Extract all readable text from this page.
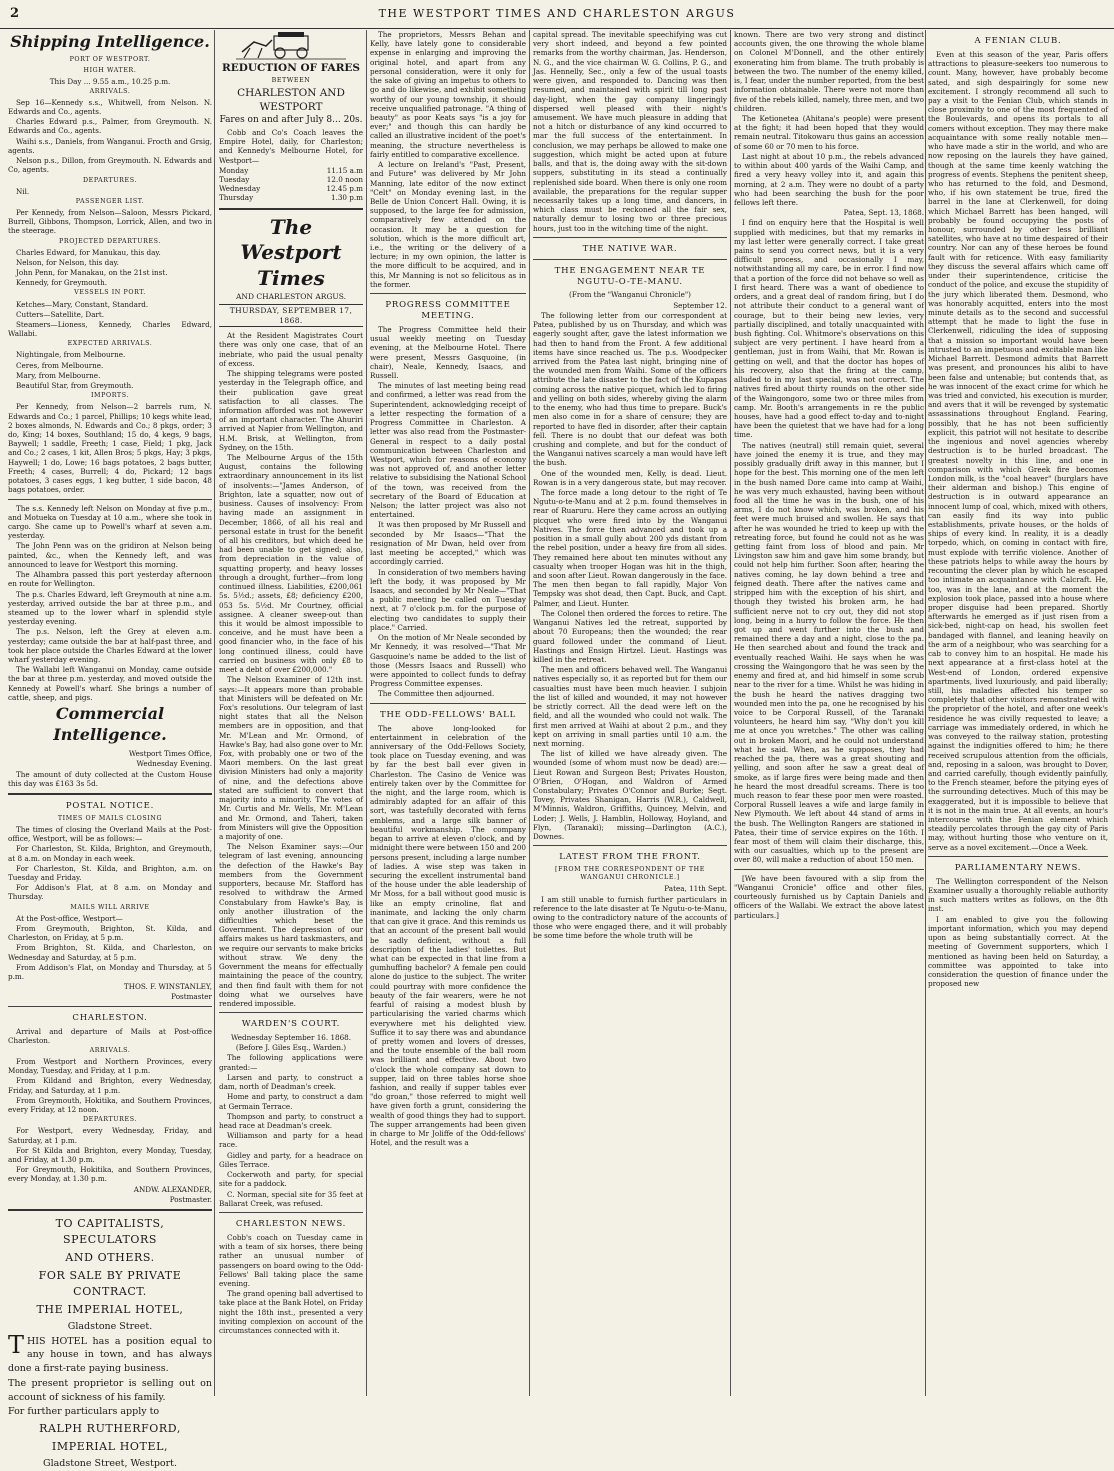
2	THE WESTPORT TIMES AND CHARLESTON ARGUS
Shipping Intelligence.
PORT OF WESTPORT.
HIGH WATER.

This Day ... 9.55 a.m., 10.25 p.m.

ARRIVALS.

Sep 16—Kennedy s.s., Whitwell, from Nelson. N. Edwards and Co., agents.

Charles Edward p.s., Palmer, from Greymouth. N. Edwards and Co., agents.

Waihi s.s., Daniels, from Wanganui. Frocth and Grsig, agents.

Nelson p.s., Dillon, from Greymouth. N. Edwards and Co, agents.

DEPARTURES.

Nil.

PASSENGER LIST.

Per Kennedy, from Nelson—Saloon, Messrs Pickard, Burrell, Gibbons, Thompson, Lorrick, Allen, and two in the steerage.

PROJECTED DEPARTURES.

Charles Edward, for Manukau, this day.

Nelson, for Nelson, this day.

John Penn, for Manakau, on the 21st inst.

Kennedy, for Greymouth.

VESSELS IN PORT.

Ketches—Mary, Constant, Standard.

Cutters—Satellite, Dart.

Steamers—Lioness, Kennedy, Charles Edward, Wallabi.

EXPECTED ARRIVALS.

Nightingale, from Melbourne.

Ceres, from Melbourne.

Mary, from Melbourne.

Beautiful Star, from Greymouth.

IMPORTS.

Per Kennedy, from Nelson—2 barrels rum, N. Edwards and Co.; 1 parcel, Phillips; 10 kegs white lead, 2 boxes almonds, N. Edwards and Co.; 8 pkgs, order; 3 do, King; 14 boxes, Southland; 15 do, 4 kegs, 9 bags, Baywell; 1 saddle, Freeth; 1 case, Field; 1 pkg, Jack and Co.; 2 cases, 1 kit, Allen Bros; 5 pkgs, Hay; 3 pkgs, Haywell; 1 do, Lowe; 16 bags potatoes, 2 bags butter, Freeth; 4 cases, Burrell; 4 do, Pickard; 12 bags potatoes, 3 cases eggs, 1 keg butter, 1 side bacon, 48 bags potatoes, order.

The s.s. Kennedy left Nelson on Monday at five p.m., and Motueka on Tuesday at 10 a.m., where she took in cargo. She came up to Powell's wharf at seven a.m. yesterday.

The John Penn was on the gridiron at Nelson being painted, &c., when the Kennedy left, and was announced to leave for Westport this morning.

The Alhambra passed this port yesterday afternoon en route for Wellington.

The p.s. Charles Edward, left Greymouth at nine a.m. yesterday, arrived outside the bar at three p.m., and steamed up to the lower wharf in splendid style yesterday evening.

The p.s. Nelson, left the Grey at eleven a.m. yesterday; came outside the bar at half-past three, and took her place outside the Charles Edward at the lower wharf yesterday evening.

The Wallabi left Wanganui on Monday, came outside the bar at three p.m. yesterday, and moved outside the Kennedy at Powell's wharf. She brings a number of cattle, sheep, and pigs.

Commercial Intelligence.

Westport Times Office,

Wednesday Evening.

The amount of duty collected at the Custom House this day was £163 3s 5d.

POSTAL NOTICE.
TIMES OF MAILS CLOSING

The times of closing the Overland Mails at the Post-office, Westport, will be as follows:—

For Charleston, St. Kilda, Brighton, and Greymouth, at 8 a.m. on Monday in each week.

For Charleston, St. Kilda, and Brighton, a.m. on Tuesday and Friday.

For Addison's Flat, at 8 a.m. on Monday and Thursday.

MAILS WILL ARRIVE

At the Post-office, Westport—

From Greymouth, Brighton, St. Kilda, and Charleston, on Friday, at 5 p.m.

From Brighton, St. Kilda, and Charleston, on Wednesday and Saturday, at 5 p.m.

From Addison's Flat, on Monday and Thursday, at 5 p.m.

THOS. F. WINSTANLEY,

Postmaster

CHARLESTON.

Arrival and departure of Mails at Post-office Charleston.

ARRIVALS.

From Westport and Northern Provinces, every Monday, Tuesday, and Friday, at 1 p.m.

From Kildand and Brighton, every Wednesday, Friday, and Saturday, at 1 p.m.

From Greymouth, Hokitika, and Southern Provinces, every Friday, at 12 noon.

DEPARTURES.

For Westport, every Wednesday, Friday, and Saturday, at 1 p.m.

For St Kilda and Brighton, every Monday, Tuesday, and Friday, at 1.30 p.m.

For Greymouth, Hokitika, and Southern Provinces, every Monday, at 1.30 p.m.

ANDW. ALEXANDER,

Postmaster.

TO CAPITALISTS, SPECULATORS
AND OTHERS.
FOR SALE BY PRIVATE CONTRACT.
THE IMPERIAL HOTEL,

Gladstone Street.

THIS HOTEL has a position equal to any house in town, and has always done a first-rate paying business.

The present proprietor is selling out on account of sickness of his family.

For further particulars apply to

RALPH RUTHERFORD,
IMPERIAL HOTEL,

Gladstone Street, Westport.

REDUCTION OF FARES
BETWEEN
CHARLESTON AND WESTPORT

Fares on and after July 8... 20s.

Cobb and Co's Coach leaves the Empire Hotel, daily, for Charleston; and Kennedy's Melbourne Hotel, for Westport—

Monday	11.15 a.m
Tuesday	12.0 noon
Wednesday	12.45 p.m
Thursday	1.30 p.m
The Westport Times
AND CHARLESTON ARGUS.
THURSDAY, SEPTEMBER 17, 1868.

At the Resident Magistrates Court there was only one case, that of an inebriate, who paid the usual penalty of excess.

The shipping telegrams were posted yesterday in the Telegraph office, and their publication gave great satisfaction to all classes. The information afforded was not however of an important character. The Ahuriri arrived at Napier from Wellington, and H.M. Brisk, at Wellington, from Sydney, on the 15th.

The Melbourne Argus of the 15th August, contains the following extraordinary announcement in its list of insolvents:—"James Anderson, of Brighton, late a squatter, now out of business. Causes of insolvency: From having made an assignment in December, 1866, of all his real and personal estate in trust for the benefit of all his creditors, but which deed he had been unable to get signed; also, from depreciation in the value of squatting property, and heavy losses through a drought, further—from long continued illness. Liabilities, £200,061 5s. 5½d.; assets, £8; deficiency £200, 053 5s. 5½d. Mr Courtney, official assignee. A cleaner sweep-out than this it would be almost impossible to conceive, and he must have been a good financier who, in the face of his long continued illness, could have carried on business with only £8 to meet a debt of over £200,000."

The Nelson Examiner of 12th inst. says:—It appears more than probable that Ministers will be defeated on Mr. Fox's resolutions. Our telegram of last night states that all the Nelson members are in opposition, and that Mr. M'Lean and Mr. Ormond, of Hawke's Bay, had also gone over to Mr. Fox, with probably one or two of the Maori members. On the last great division Ministers had only a majority of nine, and the defections above stated are sufficient to convert that majority into a minority. The votes of Mr. Curtis and Mr. Wells, Mr. M'Lean and Mr. Ormond, and Taheri, taken from Ministers will give the Opposition a majority of one.

The Nelson Examiner says:—Our telegram of last evening, announcing the defection of the Hawke's Bay members from the Government supporters, because Mr. Stafford has resolved to withdraw the Armed Constabulary from Hawke's Bay, is only another illustration of the difficulties which beset the Government. The depression of our affairs makes us hard taskmasters, and we require our servants to make bricks without straw. We deny the Government the means for effectually maintaining the peace of the country, and then find fault with them for not doing what we ourselves have rendered impossible.

WARDEN'S COURT.

Wednesday September 16. 1868.

(Before J. Giles Esq., Warden.)

The following applications were granted:—

Larsen and party, to construct a dam, north of Deadman's creek.

Home and party, to construct a dam at Germain Terrace.

Thompson and party, to construct a head race at Deadman's creek.

Williamson and party for a head race.

Gidley and party, for a headrace on Giles Terrace.

Cockerwoth and party, for special site for a paddock.

C. Norman, special site for 35 feet at Ballarat Creek, was refused.

CHARLESTON NEWS.

Cobb's coach on Tuesday came in with a team of six horses, there being rather an unusual number of passengers on board owing to the Odd-Fellows' Ball taking place the same evening.

The grand opening ball advertised to take place at the Bank Hotel, on Friday night the 18th inst., presented a very inviting complexion on account of the circumstances connected with it.

The proprietors, Messrs Behan and Kelly, have lately gone to considerable expense in enlarging and improving the original hotel, and apart from any personal consideration, were it only for the sake of giving an impetus to others to go and do likewise, and exhibit something worthy of our young township, it should receive unqualified patronage. "A thing of beauty" as poor Keats says "is a joy for ever;" and though this can hardly be called an illustrative incident of the poet's meaning, the structure nevertheless is fairly entitled to comparative excellence.

A lecture on Ireland's "Past, Present, and Future" was delivered by Mr John Manning, late editor of the now extinct "Celt" on Monday evening last, in the Belle de Union Concert Hall. Owing, it is supposed, to the large fee for admission, comparatively few attended on the occasion. It may be a question for solution, which is the more difficult art, i.e., the writing or the delivery of a lecture; in my own opinion, the latter is the more difficult to be acquired, and in this, Mr Manning is not so felicitous as in the former.

PROGRESS COMMITTEE MEETING.

The Progress Committee held their usual weekly meeting on Tuesday evening, at the Melbourne Hotel. There were present, Messrs Gasquoine, (in chair), Neale, Kennedy, Isaacs, and Russell.

The minutes of last meeting being read and confirmed, a letter was read from the Superintendent, acknowledging receipt of a letter respecting the formation of a Progress Committee in Charleston. A letter was also read from the Postmaster-General in respect to a daily postal communication between Charleston and Westport, which for reasons of economy was not approved of, and another letter relative to subsidising the National School of the town, was received from the secretary of the Board of Education at Nelson; the latter project was also not entertained.

It was then proposed by Mr Russell and seconded by Mr Isaacs—"That the resignation of Mr Dwan, held over from last meeting be accepted," which was accordingly carried.

In consideration of two members having left the body, it was proposed by Mr Isaacs, and seconded by Mr Neale—"That a public meeting be called on Tuesday next, at 7 o'clock p.m. for the purpose of electing two candidates to supply their place." Carried.

On the motion of Mr Neale seconded by Mr Kennedy, it was resolved—"That Mr Gasquoine's name be added to the list of those (Messrs Isaacs and Russell) who were appointed to collect funds to defray Progress Committee expenses.

The Committee then adjourned.

THE ODD-FELLOWS' BALL

The above long-looked for entertainment in celebration of the anniversary of the Odd-Fellows Society, took place on Tuesday evening, and was by far the best ball ever given in Charleston. The Casino de Venice was entirely taken over by the Committee for the night, and the large room, which is admirably adapted for an affair of this sort, was tastefully decorated with ferns emblems, and a large silk banner of beautiful workmanship. The company began to arrive at eleven o'clock, and by midnight there were between 150 and 200 persons present, including a large number of ladies. A wise step was taken in securing the excellent instrumental band of the house under the able leadership of Mr Moss, for a ball without good music is like an empty crinoline, flat and inanimate, and lacking the only charm that can give it grace. And this reminds us that an account of the present ball would be sadly deficient, without a full description of the ladies' toilettes. But what can be expected in that line from a gumhuffing bachelor? A female pen could alone do justice to the subject. The writer could pourtray with more confidence the beauty of the fair wearers, were he not fearful of raising a modest blush by particularising the varied charms which everywhere met his delighted view. Suffice it to say there was and abundance of pretty women and lovers of dresses, and the toute ensemble of the ball room was brilliant and effective. About two o'clock the whole company sat down to supper, laid on three tables horse shoe fashion, and really if supper tables ever "do groan," those referred to might well have given forth a grunt, considering the wealth of good things they had to support. The supper arrangements had been given in charge to Mr Joliffe of the Odd-fellows' Hotel, and the result was a

capital spread. The inevitable speechifying was cut very short indeed, and beyond a few pointed remarks from the worthy chairman, Jas. Henderson, N. G., and the vice chairman W. G. Collins, P. G., and Jas. Hennelly, Sec., only a few of the usual toasts were given, and responded to. Dancing was then resumed, and maintained with spirit till long past day-light, when the gay company lingeringly dispersed well pleased with their night's amusement. We have much pleasure in adding that not a hitch or disturbance of any kind occurred to mar the full success of the entertainment. In conclusion, we may perhaps be allowed to make one suggestion, which might be acted upon at future balls, and that is, the doing away with the sit-down suppers, substituting in its stead a continually replenished side board. When there is only one room available, the preparations for the regular supper necessarily takes up a long time, and dancers, in which class must be reckoned all the fair sex, naturally demur to losing two or three precious hours, just too in the witching time of the night.

THE NATIVE WAR.
THE ENGAGEMENT NEAR TE NGUTU-O-TE-MANU.

(From the "Wanganui Chronicle")

September 12.

The following letter from our correspondent at Patea, published by us on Thursday, and which was eagerly sought after, gave the latest information we had then to hand from the Front. A few additional items have since reached us. The p.s. Woodpecker arrived from the Patea last night, bringing nine of the wounded men from Waihi. Some of the officers attribute the late disaster to the fact of the Kupapas coming across the native picquet, which led to firing and yelling on both sides, whereby giving the alarm to the enemy, who had thus time to prepare. Buck's men also come in for a share of censure; they are reported to have fled in disorder, after their captain fell. There is no doubt that our defeat was both crushing and complete, and but for the conduct of the Wanganui natives scarcely a man would have left the bush.

One of the wounded men, Kelly, is dead. Lieut. Rowan is in a very dangerous state, but may recover.

The force made a long detour to the right of Te Ngutu-o-te-Manu and at 2 p.m. found themselves in rear of Ruaruru. Here they came across an outlying picquet who were fired into by the Wanganui Natives. The force then advanced and took up a position in a small gully about 200 yds distant from the rebel position, under a heavy fire from all sides. They remained here about ten minutes without any casualty when trooper Hogan was hit in the thigh, and soon after Lieut. Rowan dangerously in the face. The men then began to fall rapidly, Major Von Tempsky was shot dead, then Capt. Buck, and Capt. Palmer, and Lieut. Hunter.

The Colonel then ordered the forces to retire. The Wanganui Natives led the retreat, supported by about 70 Europeans; then the wounded; the rear guard followed under the command of Lieut. Hastings and Ensign Hirtzel. Lieut. Hastings was killed in the retreat.

The men and officers behaved well. The Wanganui natives especially so, it as reported but for them our casualties must have been much heavier. I subjoin the list of killed and wounded, it may not however be strictly correct. All the dead were left on the field, and all the wounded who could not walk. The first men arrived at Waihi at about 2 p.m., and they kept on arriving in small parties until 10 a.m. the next morning.

The list of killed we have already given. The wounded (some of whom must now be dead) are:—Lieut Rowan and Surgeon Best; Privates Houston, O'Brien, O'Hogan, and Waldron of Armed Constabulary; Privates O'Connor and Burke; Segt. Tovey, Privates Shanigan, Harris (W.R.), Caldwell, M'Minnis, Waldron, Griffiths, Quincey, Melvin, and Loder; J. Wells, J. Hamblin, Holloway, Hoyland, and Flyn, (Taranaki); missing—Darlington (A.C.), Downes.

LATEST FROM THE FRONT.
[FROM THE CORRESPONDENT OF THE WANGANUI CHRONICLE.]

Patea, 11th Sept.

I am still unable to furnish further particulars in reference to the late disaster at Te Ngutu-o-te-Manu, owing to the contradictory nature of the accounts of those who were engaged there, and it will probably be some time before the whole truth will be

known. There are two very strong and distinct accounts given, the one throwing the whole blame on Colonel M'Donnell, and the other entirely exonerating him from blame. The truth probably is between the two. The number of the enemy killed, is, I fear, under the number reported, from the best information obtainable. There were not more than five of the rebels killed, namely, three men, and two children.

The Ketionetea (Ahitana's people) were present at the fight; it had been hoped that they would remain neutral. Titokowaru thus gains an accession of some 60 or 70 men to his force.

Last night at about 10 p.m., the rebels advanced to within about 400 yards of the Waihi Camp, and fired a very heavy volley into it, and again this morning, at 2 a.m. They were no doubt of a party who had been searching the bush for the poor fellows left there.

Patea, Sept. 13, 1868.

I find on enquiry here that the Hospital is well supplied with medicines, but that my remarks in my last letter were generally correct. I take great pains to send you correct news, but it is a very difficult process, and occasionally I may, notwithstanding all my care, be in error. I find now that a portion of the force did not behave so well as I first heard. There was a want of obedience to orders, and a great deal of random firing, but I do not attribute their conduct to a general want of courage, but to their being new levies, very partially disciplined, and totally unacquainted with bush fighting. Col. Whitmore's observations on this subject are very pertinent. I have heard from a gentleman, just in from Waihi, that Mr. Rowan is getting on well, and that the doctor has hopes of his recovery, also that the firing at the camp, alluded to in my last special, was not correct. The natives fired about thirty rounds on the other side of the Waingongoro, some two or three miles from camp. Mr. Booth's arrangements in re the public houses, have had a good effect to-day and to-night have been the quietest that we have had for a long time.

The natives (neutral) still remain quiet, several have joined the enemy it is true, and they may possibly gradually drift away in this manner, but I hope for the best. This morning one of the men left in the bush named Dore came into camp at Waihi, he was very much exhausted, having been without food all the time he was in the bush, one of his arms, I do not know which, was broken, and his feet were much bruised and swollen. He says that after he was wounded he tried to keep up with the retreating force, but found he could not as he was getting faint from loss of blood and pain. Mr Livingston saw him and gave him some brandy, but could not help him further. Soon after, hearing the natives coming, he lay down behind a tree and feigned death. There after the natives came and stripped him with the exception of his shirt, and though they twisted his broken arm, he had sufficient nerve not to cry out, they did not stop long, being in a hurry to follow the force. He then got up and went further into the bush and remained there a day and a night, close to the pa. He then searched about and found the track and eventually reached Waihi. He says when he was crossing the Waingongoro that he was seen by the enemy and fired at, and hid himself in some scrub near to the river for a time. Whilst he was hiding in the bush he heard the natives dragging two wounded men into the pa, one he recognised by his voice to be Corporal Russell, of the Taranaki volunteers, he heard him say, "Why don't you kill me at once you wretches." The other was calling out in broken Maori, and he could not understand what he said. When, as he supposes, they had reached the pa, there was a great shouting and yelling, and soon after he saw a great deal of smoke, as if large fires were being made and then he heard the most dreadful screams. There is too much reason to fear these poor men were roasted. Corporal Russell leaves a wife and large family in New Plymouth. We left about 44 stand of arms in the bush. The Wellington Rangers are stationed in Patea, their time of service expires on the 16th. I fear most of them will claim their discharge, this, with our casualties, which up to the present are over 80, will make a reduction of about 150 men.

[We have been favoured with a slip from the "Wanganui Cronicle" office and other files, courteously furnished us by Captain Daniels and officers of the Wallabi. We extract the above latest particulars.]

A FENIAN CLUB.

Even at this season of the year, Paris offers attractions to pleasure-seekers too numerous to count. Many, however, have probably become sated, and sigh despairingly for some new excitement. I strongly recommend all such to pay a visit to the Fenian Club, which stands in close proximity to one of the most frequented of the Boulevards, and opens its portals to all comers without exception. They may there make acquaintance with some really notable men—who have made a stir in the world, and who are now reposing on the laurels they have gained, though at the same time keenly watching the progress of events. Stephens the penitent sheep, who has returned to the fold, and Desmond, who, if his own statement be true, fired the barrel in the lane at Clerkenwell, for doing which Michael Barrett has been hanged, will probably be found occupying the posts of honour, surrounded by other less brilliant satellites, who have at no time despaired of their country. Nor can any of these heroes be found fault with for reticence. With easy familiarity they discuss the several affairs which came off under their superintendence, criticise the conduct of the police, and excuse the stupidity of the jury which liberated them. Desmond, who was honorably acquitted, enters into the most minute details as to the second and successful attempt that he made to light the fuse in Clerkenwell, ridiculing the idea of supposing that a mission so important would have been intrusted to an impetuous and excitable man like Michael Barrett. Desmond admits that Barrett was present, and pronounces his alibi to have been false and untenable; but contends that, as he was innocent of the exact crime for which he was tried and convicted, his execution is murder, and avers that it will be revenged by systematic assassinations throughout England. Fearing, possibly, that he has not been sufficiently explicit, this patriot will not hesitate to describe the ingenious and novel agencies whereby destruction is to be hurled broadcast. The greatest novelty in this line, and one in comparison with which Greek fire becomes London milk, is the "coal heaver" (burglars have their alderman and bishop.) This engine of destruction is in outward appearance an innocent lump of coal, which, mixed with others, can easily find its way into public establishments, private houses, or the holds of ships of every kind. In reality, it is a deadly torpedo, which, on coming in contact with fire, must explode with terrific violence. Another of these patriots helps to while away the hours by recounting the clever plan by which he escaped too intimate an acquaintance with Calcraft. He, too, was in the lane, and at the moment the explosion took place, passed into a house where proper disguise had been prepared. Shortly afterwards he emerged as if just risen from a sick-bed, night-cap on head, his swollen feet bandaged with flannel, and leaning heavily on the arm of a neighbour, who was searching for a cab to convey him to an hospital. He made his next appearance at a first-class hotel at the West-end of London, ordered expensive apartments, lived luxuriously, and paid liberally; still, his maladies affected his temper so completely that other visitors remonstrated with the proprietor of the hotel, and after one week's residence he was civilly requested to leave; a carriage was immediately ordered, in which he was conveyed to the railway station, protesting against the indignities offered to him; he there received scrupulous attention from the officials, and, reposing in a saloon, was brought to Dover, and carried carefully, though evidently painfully, to the French steamer, before the pitying eyes of the surrounding detectives. Much of this may be exaggerated, but it is impossible to believe that it is not in the main true. At all events, an hour's intercourse with the Fenian element which steadily percolates through the gay city of Paris may, without hurting those who venture on it, serve as a novel excitement.—Once a Week.

PARLIAMENTARY NEWS.

The Wellington correspondent of the Nelson Examiner usually a thoroughly reliable authority in such matters writes as follows, on the 8th inst.

I am enabled to give you the following important information, which you may depend upon as being substantially correct. At the meeting of Government supporters, which I mentioned as having been held on Saturday, a committee was appointed to take into consideration the question of finance under the proposed new
